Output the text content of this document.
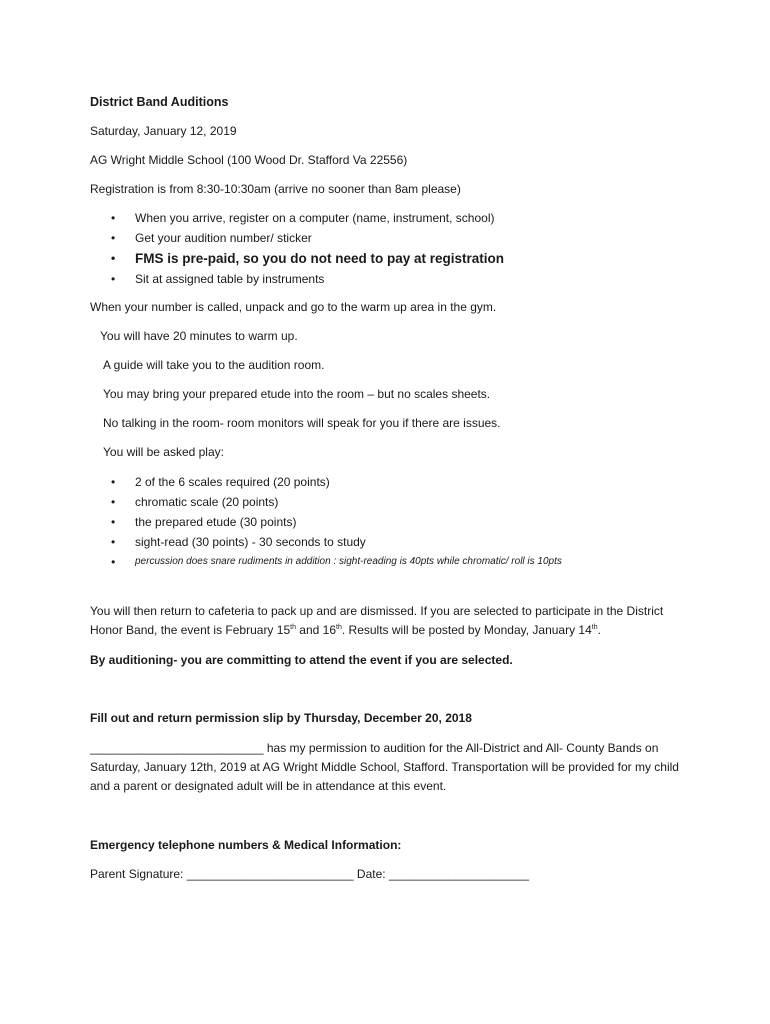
District Band Auditions

Saturday, January 12, 2019

AG Wright Middle School (100 Wood Dr. Stafford Va 22556)

Registration is from 8:30-10:30am (arrive no sooner than 8am please)

• When you arrive, register on a computer (name, instrument, school)
• Get your audition number/ sticker
• FMS is pre-paid, so you do not need to pay at registration
• Sit at assigned table by instruments

When your number is called, unpack and go to the warm up area in the gym.

You will have 20 minutes to warm up.

A guide will take you to the audition room.

You may bring your prepared etude into the room – but no scales sheets.

No talking in the room- room monitors will speak for you if there are issues.

You will be asked play:

• 2 of the 6 scales required (20 points)
• chromatic scale (20 points)
• the prepared etude (30 points)
• sight-read (30 points) - 30 seconds to study
• percussion does snare rudiments in addition : sight-reading is 40pts while chromatic/ roll is 10pts

You will then return to cafeteria to pack up and are dismissed. If you are selected to participate in the District Honor Band, the event is February 15th and 16th. Results will be posted by Monday, January 14th.

By auditioning- you are committing to attend the event if you are selected.

Fill out and return permission slip by Thursday, December 20, 2018

__________________________ has my permission to audition for the All-District and All- County Bands on Saturday, January 12th, 2019 at AG Wright Middle School, Stafford. Transportation will be provided for my child and a parent or designated adult will be in attendance at this event.

Emergency telephone numbers & Medical Information:

Parent Signature: _________________________ Date: _____________________
